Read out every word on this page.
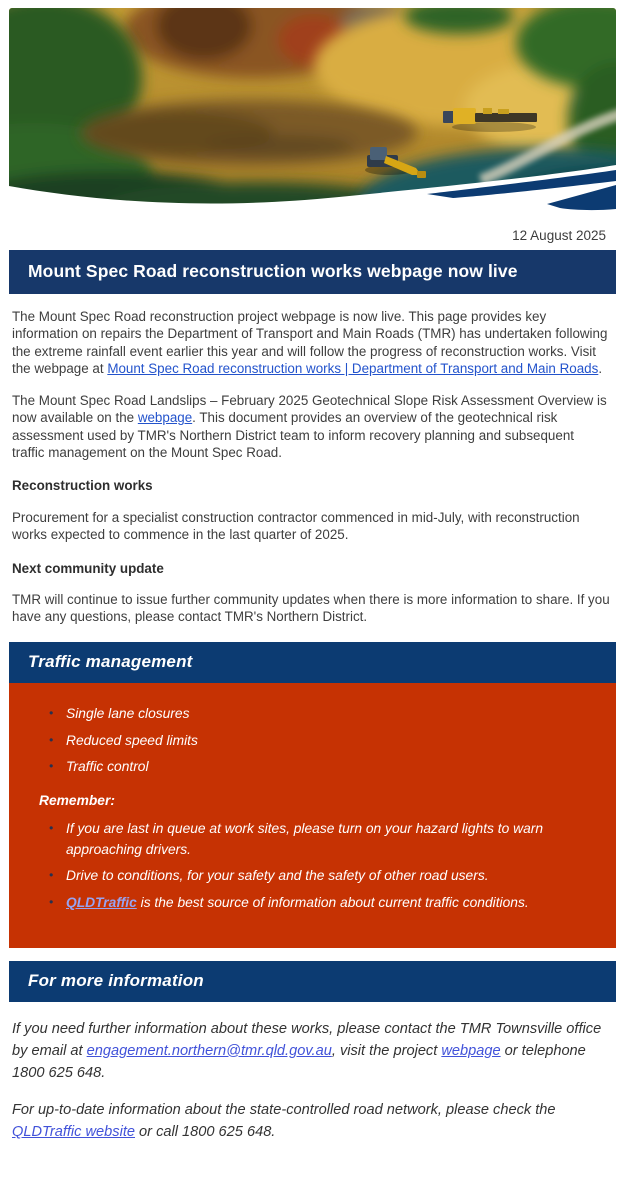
12 August 2025
Mount Spec Road reconstruction works webpage now live

The Mount Spec Road reconstruction project webpage is now live. This page provides key information on repairs the Department of Transport and Main Roads (TMR) has undertaken following the extreme rainfall event earlier this year and will follow the progress of reconstruction works. Visit the webpage at Mount Spec Road reconstruction works | Department of Transport and Main Roads.

The Mount Spec Road Landslips – February 2025 Geotechnical Slope Risk Assessment Overview is now available on the webpage. This document provides an overview of the geotechnical risk assessment used by TMR's Northern District team to inform recovery planning and subsequent traffic management on the Mount Spec Road.

Reconstruction works

Procurement for a specialist construction contractor commenced in mid-July, with reconstruction works expected to commence in the last quarter of 2025.

Next community update

TMR will continue to issue further community updates when there is more information to share. If you have any questions, please contact TMR's Northern District.

Traffic management
• Single lane closures
• Reduced speed limits
• Traffic control
Remember:
• If you are last in queue at work sites, please turn on your hazard lights to warn approaching drivers.
• Drive to conditions, for your safety and the safety of other road users.
• QLDTraffic is the best source of information about current traffic conditions.
For more information

If you need further information about these works, please contact the TMR Townsville office by email at engagement.northern@tmr.qld.gov.au, visit the project webpage or telephone 1800 625 648.

For up-to-date information about the state-controlled road network, please check the QLDTraffic website or call 1800 625 648.
